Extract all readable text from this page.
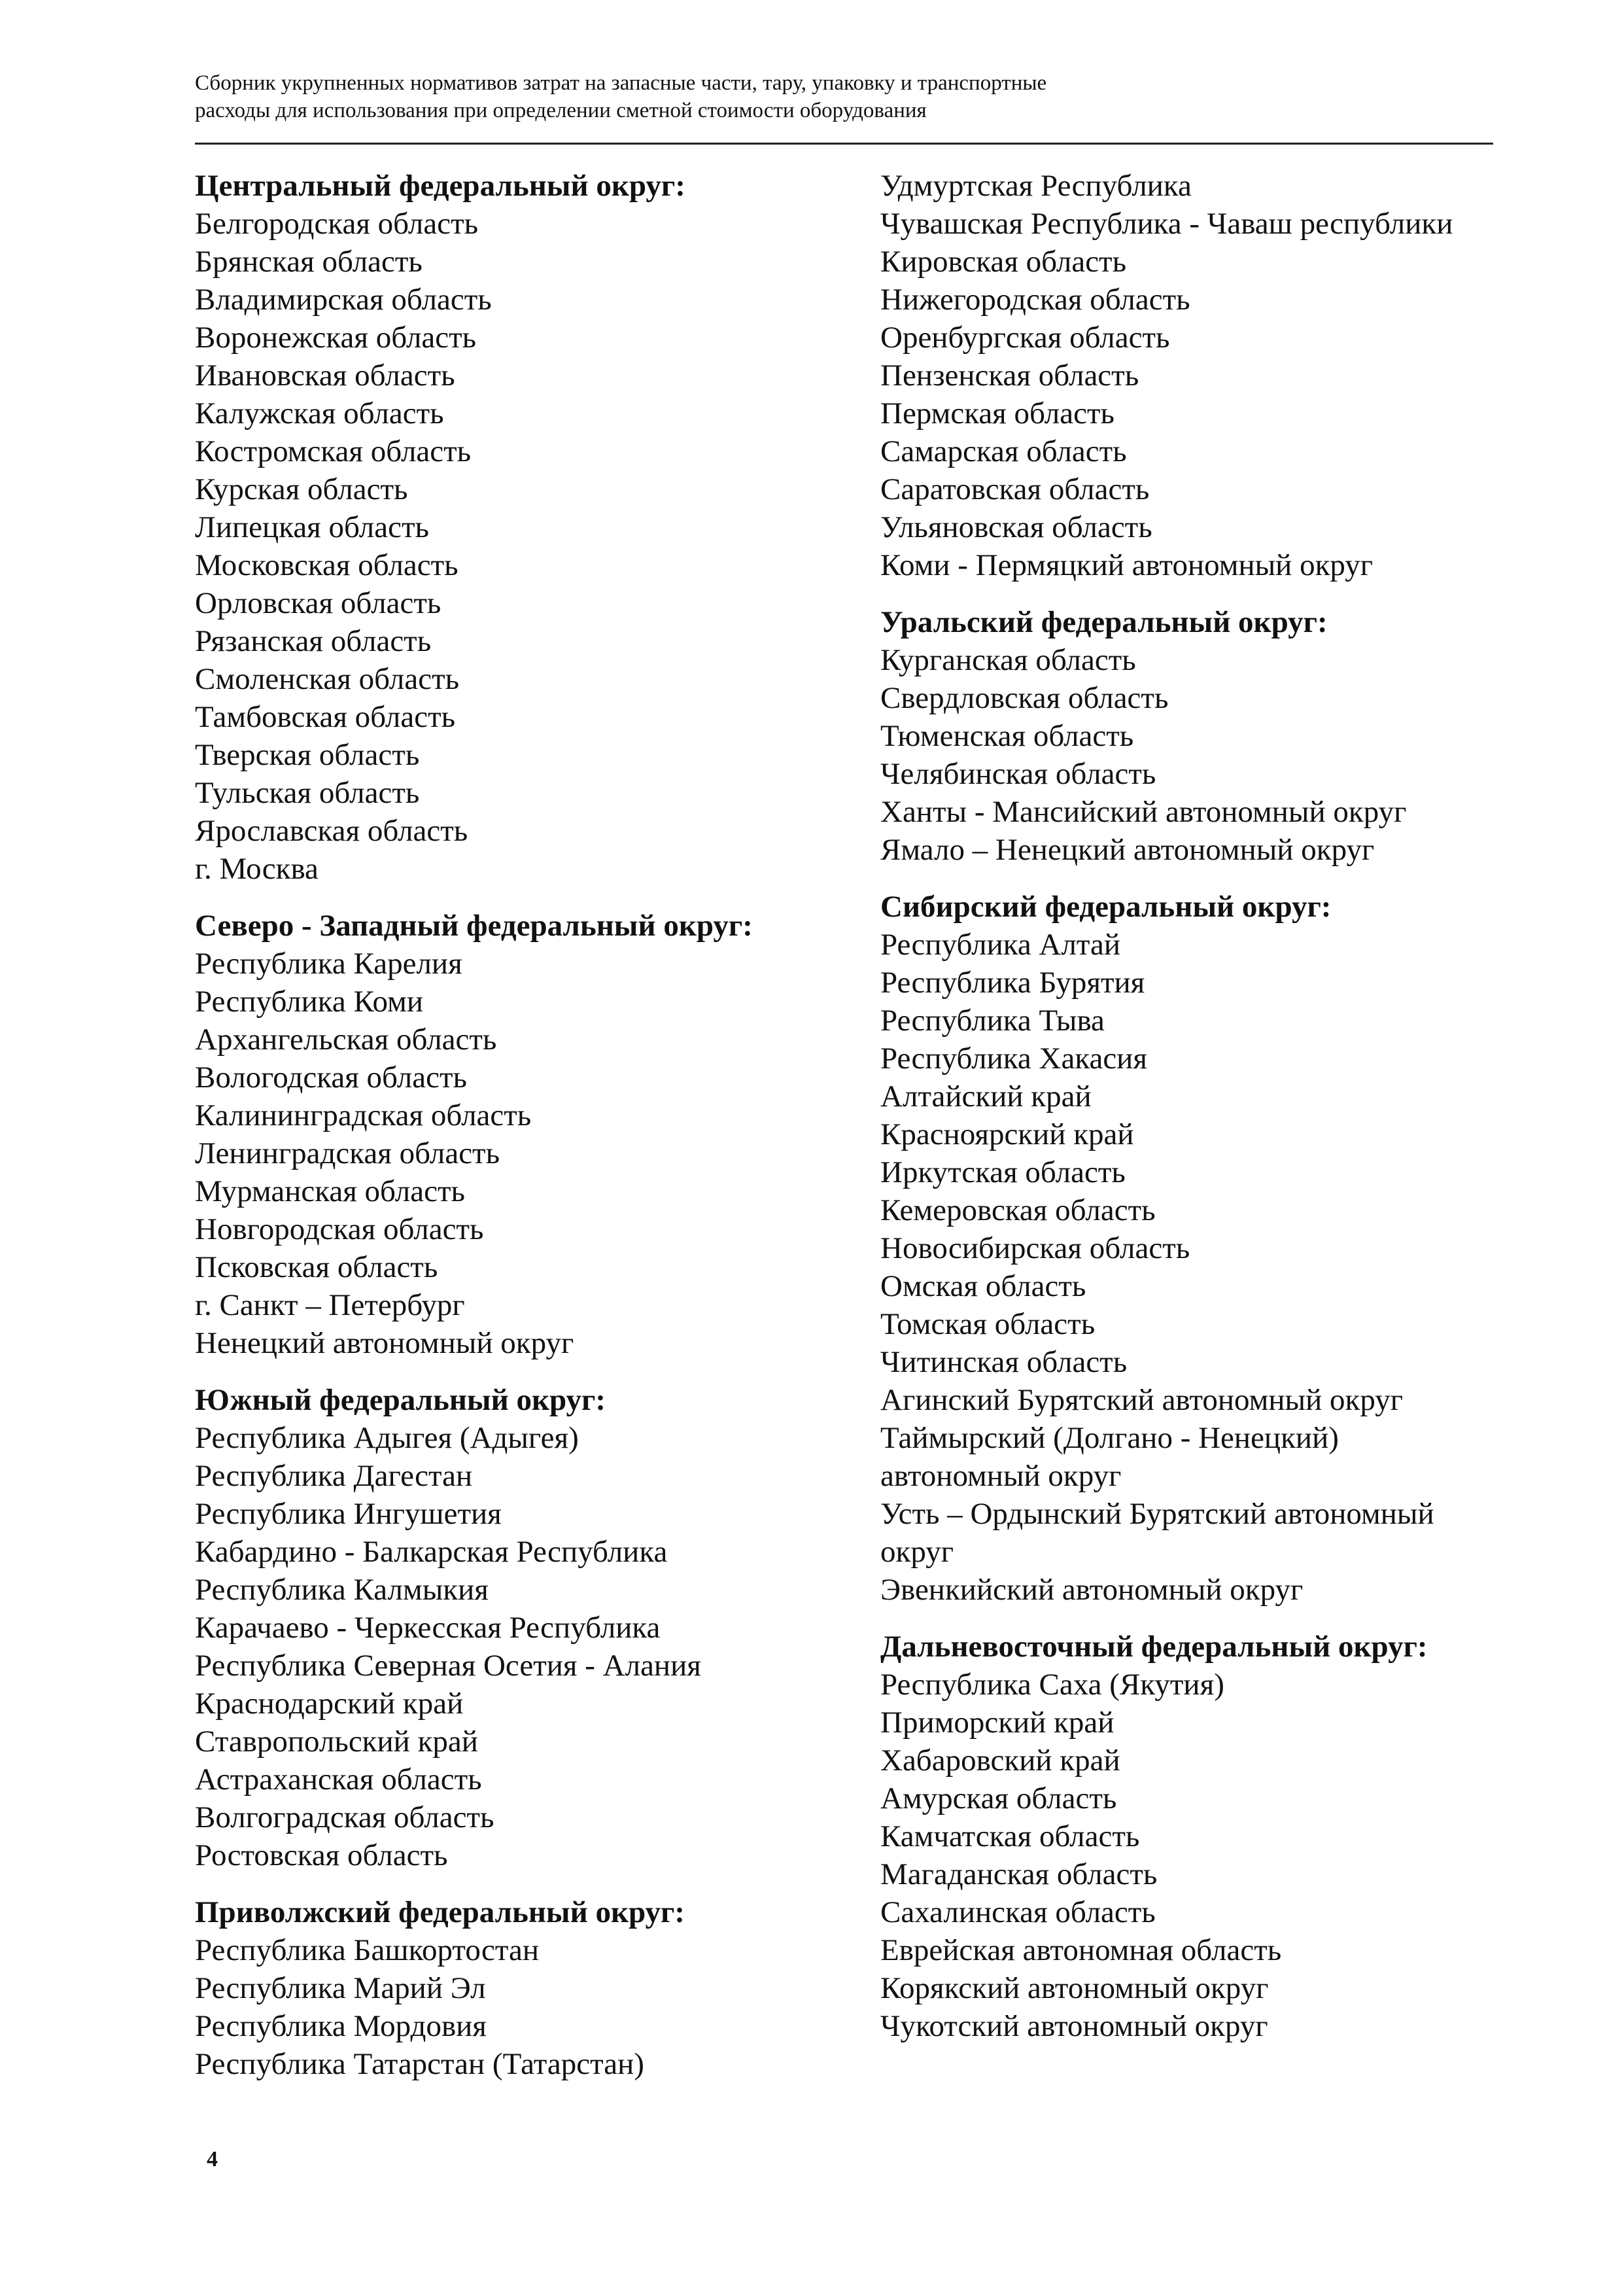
Сборник укрупненных нормативов затрат на запасные части, тару, упаковку и транспортные
расходы для использования при определении сметной стоимости оборудования
Центральный федеральный округ:
Белгородская область
Брянская область
Владимирская область
Воронежская область
Ивановская область
Калужская область
Костромская область
Курская область
Липецкая область
Московская область
Орловская область
Рязанская область
Смоленская область
Тамбовская область
Тверская область
Тульская область
Ярославская область
г. Москва
Северо - Западный федеральный округ:
Республика Карелия
Республика Коми
Архангельская область
Вологодская область
Калининградская область
Ленинградская область
Мурманская область
Новгородская область
Псковская область
г. Санкт – Петербург
Ненецкий автономный округ
Южный федеральный округ:
Республика Адыгея (Адыгея)
Республика Дагестан
Республика Ингушетия
Кабардино - Балкарская Республика
Республика Калмыкия
Карачаево - Черкесская Республика
Республика Северная Осетия - Алания
Краснодарский край
Ставропольский край
Астраханская область
Волгоградская область
Ростовская область
Приволжский федеральный округ:
Республика Башкортостан
Республика Марий Эл
Республика Мордовия
Республика Татарстан (Татарстан)
Удмуртская Республика
Чувашская Республика - Чаваш республики
Кировская область
Нижегородская область
Оренбургская область
Пензенская область
Пермская область
Самарская область
Саратовская область
Ульяновская область
Коми - Пермяцкий автономный округ
Уральский федеральный округ:
Курганская область
Свердловская область
Тюменская область
Челябинская область
Ханты - Мансийский автономный округ
Ямало – Ненецкий автономный округ
Сибирский федеральный округ:
Республика Алтай
Республика Бурятия
Республика Тыва
Республика Хакасия
Алтайский край
Красноярский край
Иркутская область
Кемеровская область
Новосибирская область
Омская область
Томская область
Читинская область
Агинский Бурятский автономный округ
Таймырский (Долгано - Ненецкий)
автономный округ
Усть – Ордынский Бурятский автономный
округ
Эвенкийский автономный округ
Дальневосточный федеральный округ:
Республика Саха (Якутия)
Приморский край
Хабаровский край
Амурская область
Камчатская область
Магаданская область
Сахалинская область
Еврейская автономная область
Корякский автономный округ
Чукотский автономный округ
4
